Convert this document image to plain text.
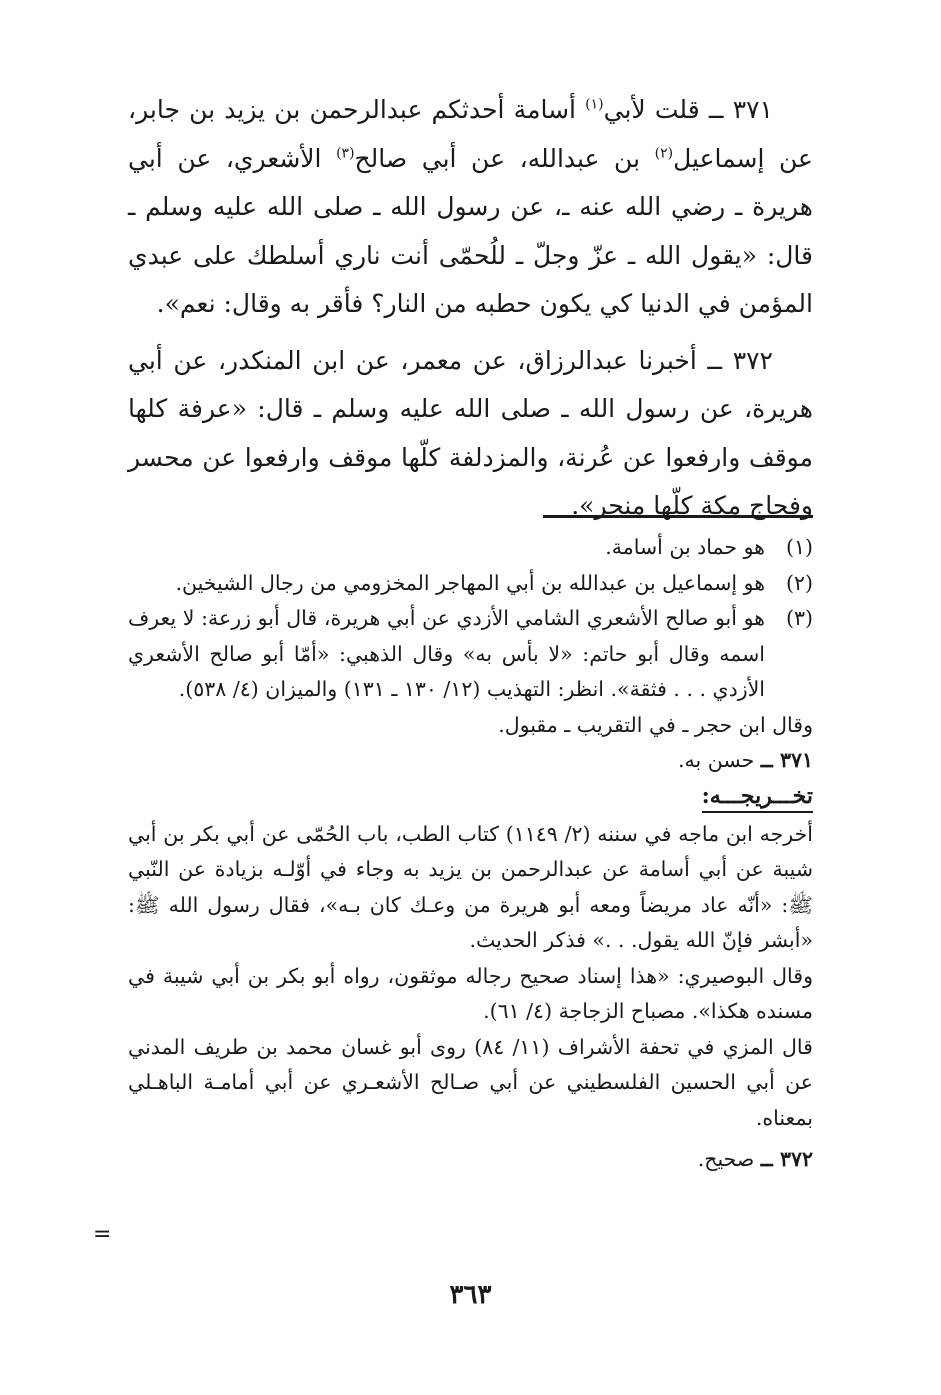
٣٧١ ــ قلت لأبي$^{(١)}$ أسامة أحدثكم عبدالرحمن بن يزيد بن جابر، عن إسماعيل$^{(٢)}$ بن عبدالله، عن أبي صالح$^{(٣)}$ الأشعري، عن أبي هريرة ـ رضي الله عنه ـ، عن رسول الله ـ صلى الله عليه وسلم ـ قال: «يقول الله ـ عزّ وجلّ ـ للُحمّى أنت ناري أسلطك على عبدي المؤمن في الدنيا كي يكون حطبه من النار؟ فأقر به وقال: نعم».

٣٧٢ ــ أخبرنا عبدالرزاق، عن معمر، عن ابن المنكدر، عن أبي هريرة، عن رسول الله ـ صلى الله عليه وسلم ـ قال: «عرفة كلها موقف وارفعوا عن عُرنة، والمزدلفة كلّها موقف وارفعوا عن محسر وفجاج مكة كلّها منحر».

(١)
هو حماد بن أسامة.
(٢)
هو إسماعيل بن عبدالله بن أبي المهاجر المخزومي من رجال الشيخين.
(٣)
هو أبو صالح الأشعري الشامي الأزدي عن أبي هريرة، قال أبو زرعة: لا يعرف اسمه وقال أبو حاتم: «لا بأس به» وقال الذهبي: «أمّا أبو صالح الأشعري الأزدي . . . فثقة». انظر: التهذيب (١٢/ ١٣٠ ـ ١٣١) والميزان (٤/ ٥٣٨).

وقال ابن حجر ـ في التقريب ـ مقبول.

٣٧١ ــ حسن به.

تخـــريجـــه:

أخرجه ابن ماجه في سننه (٢/ ١١٤٩) كتاب الطب، باب الحُمّى عن أبي بكر بن أبي شيبة عن أبي أسامة عن عبدالرحمن بن يزيد به وجاء في أوّلـه بزيادة عن النّبي ﷺ: «أنّه عاد مريضاً ومعه أبو هريرة من وعـك كان بـه»، فقال رسول الله ﷺ: «أبشر فإنّ الله يقول. . .» فذكر الحديث.

وقال البوصيري: «هذا إسناد صحيح رجاله موثقون، رواه أبو بكر بن أبي شيبة في مسنده هكذا». مصباح الزجاجة (٤/ ٦١).

قال المزي في تحفة الأشراف (١١/ ٨٤) روى أبو غسان محمد بن طريف المدني عن أبي الحسين الفلسطيني عن أبي صـالح الأشعـري عن أبي أمامـة الباهـلي بمعناه.

٣٧٢ ــ صحيح.

=
٣٦٣
